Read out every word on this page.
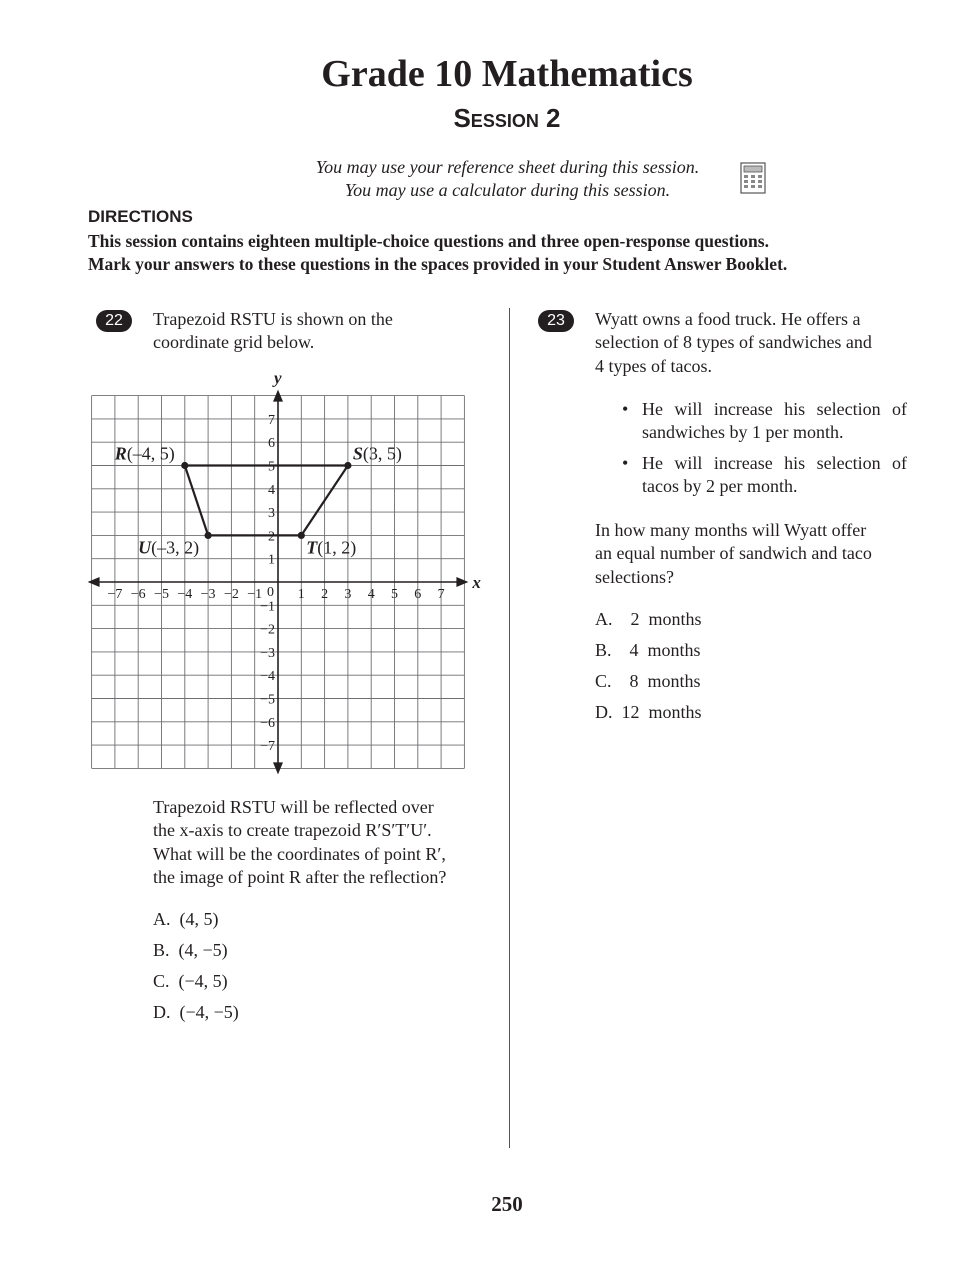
Grade 10 Mathematics
Session 2
You may use your reference sheet during this session.
You may use a calculator during this session.
DIRECTIONS
This session contains eighteen multiple-choice questions and three open-response questions.
Mark your answers to these questions in the spaces provided in your Student Answer Booklet.
22	Trapezoid RSTU is shown on the
coordinate grid below.
x
y
−7 −6 −5 −4 −3 −2 −1	1 2 3 4 5 6 7
7
6
5
4
3
2
1
−1
−2
−3
−4
−5
−6
−7
0
R(–4, 5)	S(3, 5)
T(1, 2)
U(–3, 2)
Trapezoid RSTU will be reflected over
the x-axis to create trapezoid R′S′T′U′.
What will be the coordinates of point R′,
the image of point R after the reflection?
A.  (4, 5)
B.  (4, −5)
C.  (−4, 5)
D.  (−4, −5)
23	Wyatt owns a food truck. He offers a
selection of 8 types of sandwiches and
4 types of tacos.
• He will increase his selection of sandwiches by 1 per month.
• He will increase his selection of tacos by 2 per month.
In how many months will Wyatt offer
an equal number of sandwich and taco
selections?
A.    2  months
B.    4  months
C.    8  months
D.  12  months
250
